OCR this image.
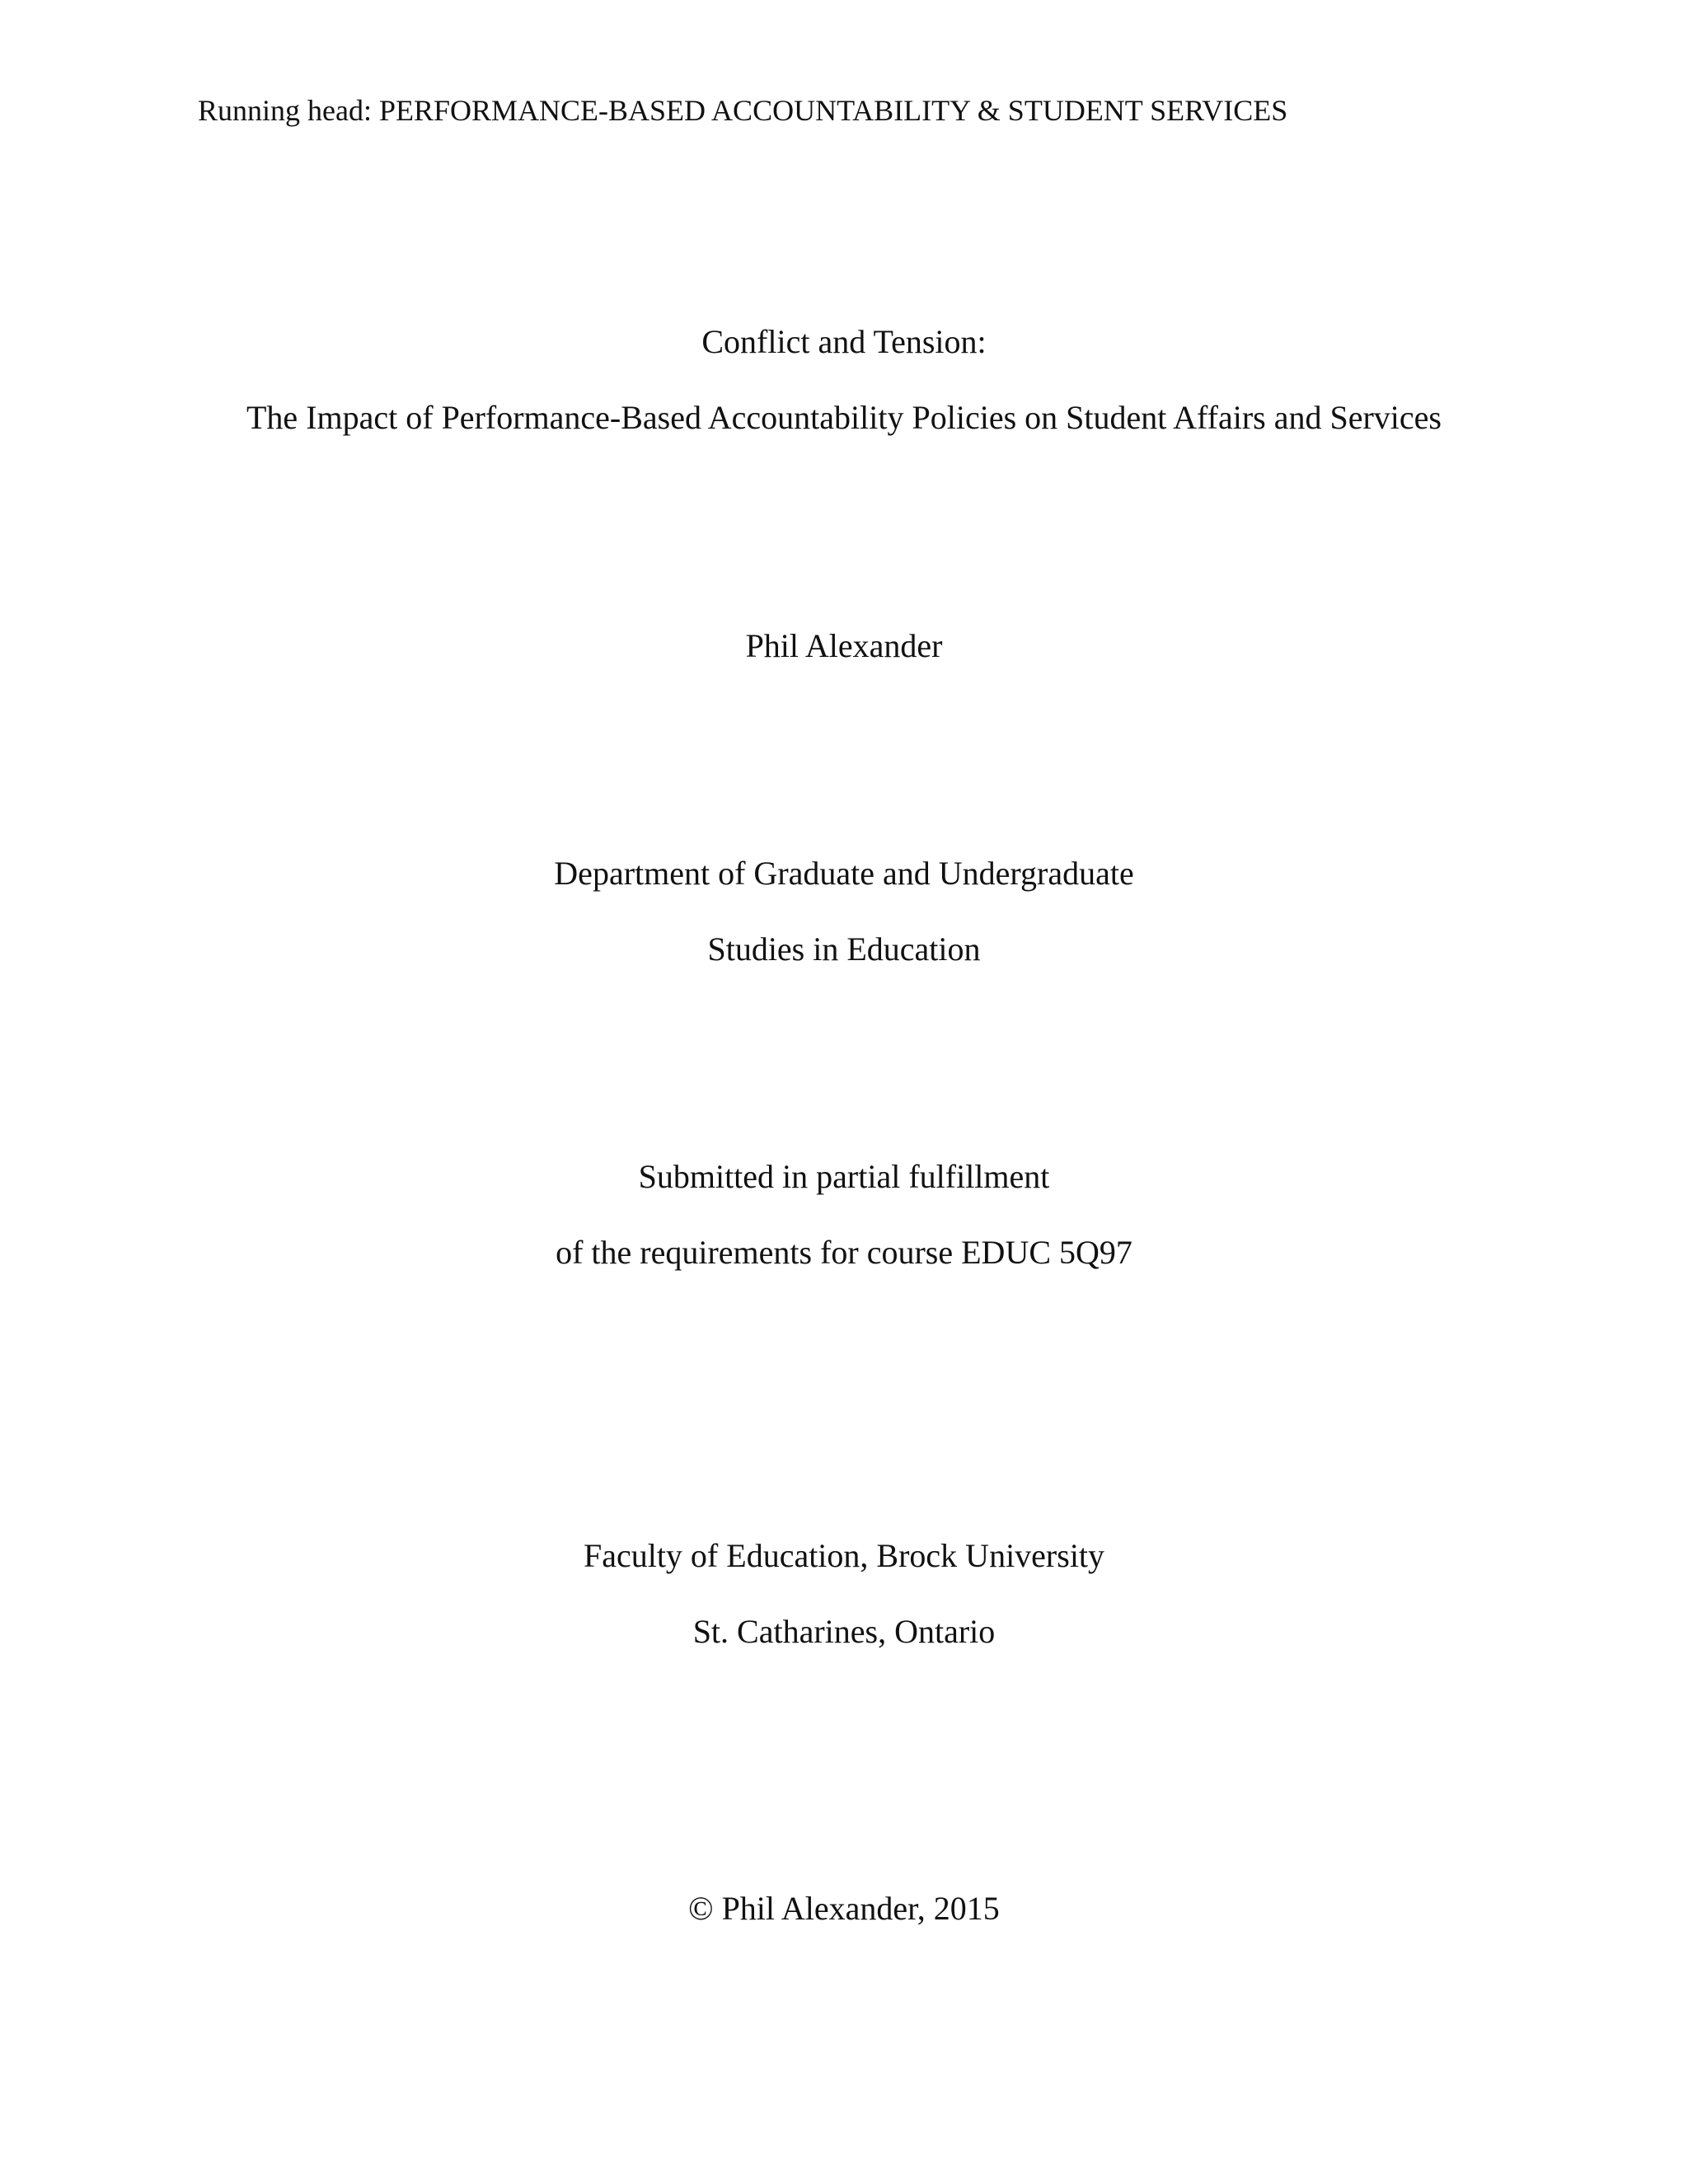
Running head: PERFORMANCE-BASED ACCOUNTABILITY & STUDENT SERVICES
Conflict and Tension:
The Impact of Performance-Based Accountability Policies on Student Affairs and Services
Phil Alexander
Department of Graduate and Undergraduate
Studies in Education
Submitted in partial fulfillment
of the requirements for course EDUC 5Q97
Faculty of Education, Brock University
St. Catharines, Ontario
© Phil Alexander, 2015
